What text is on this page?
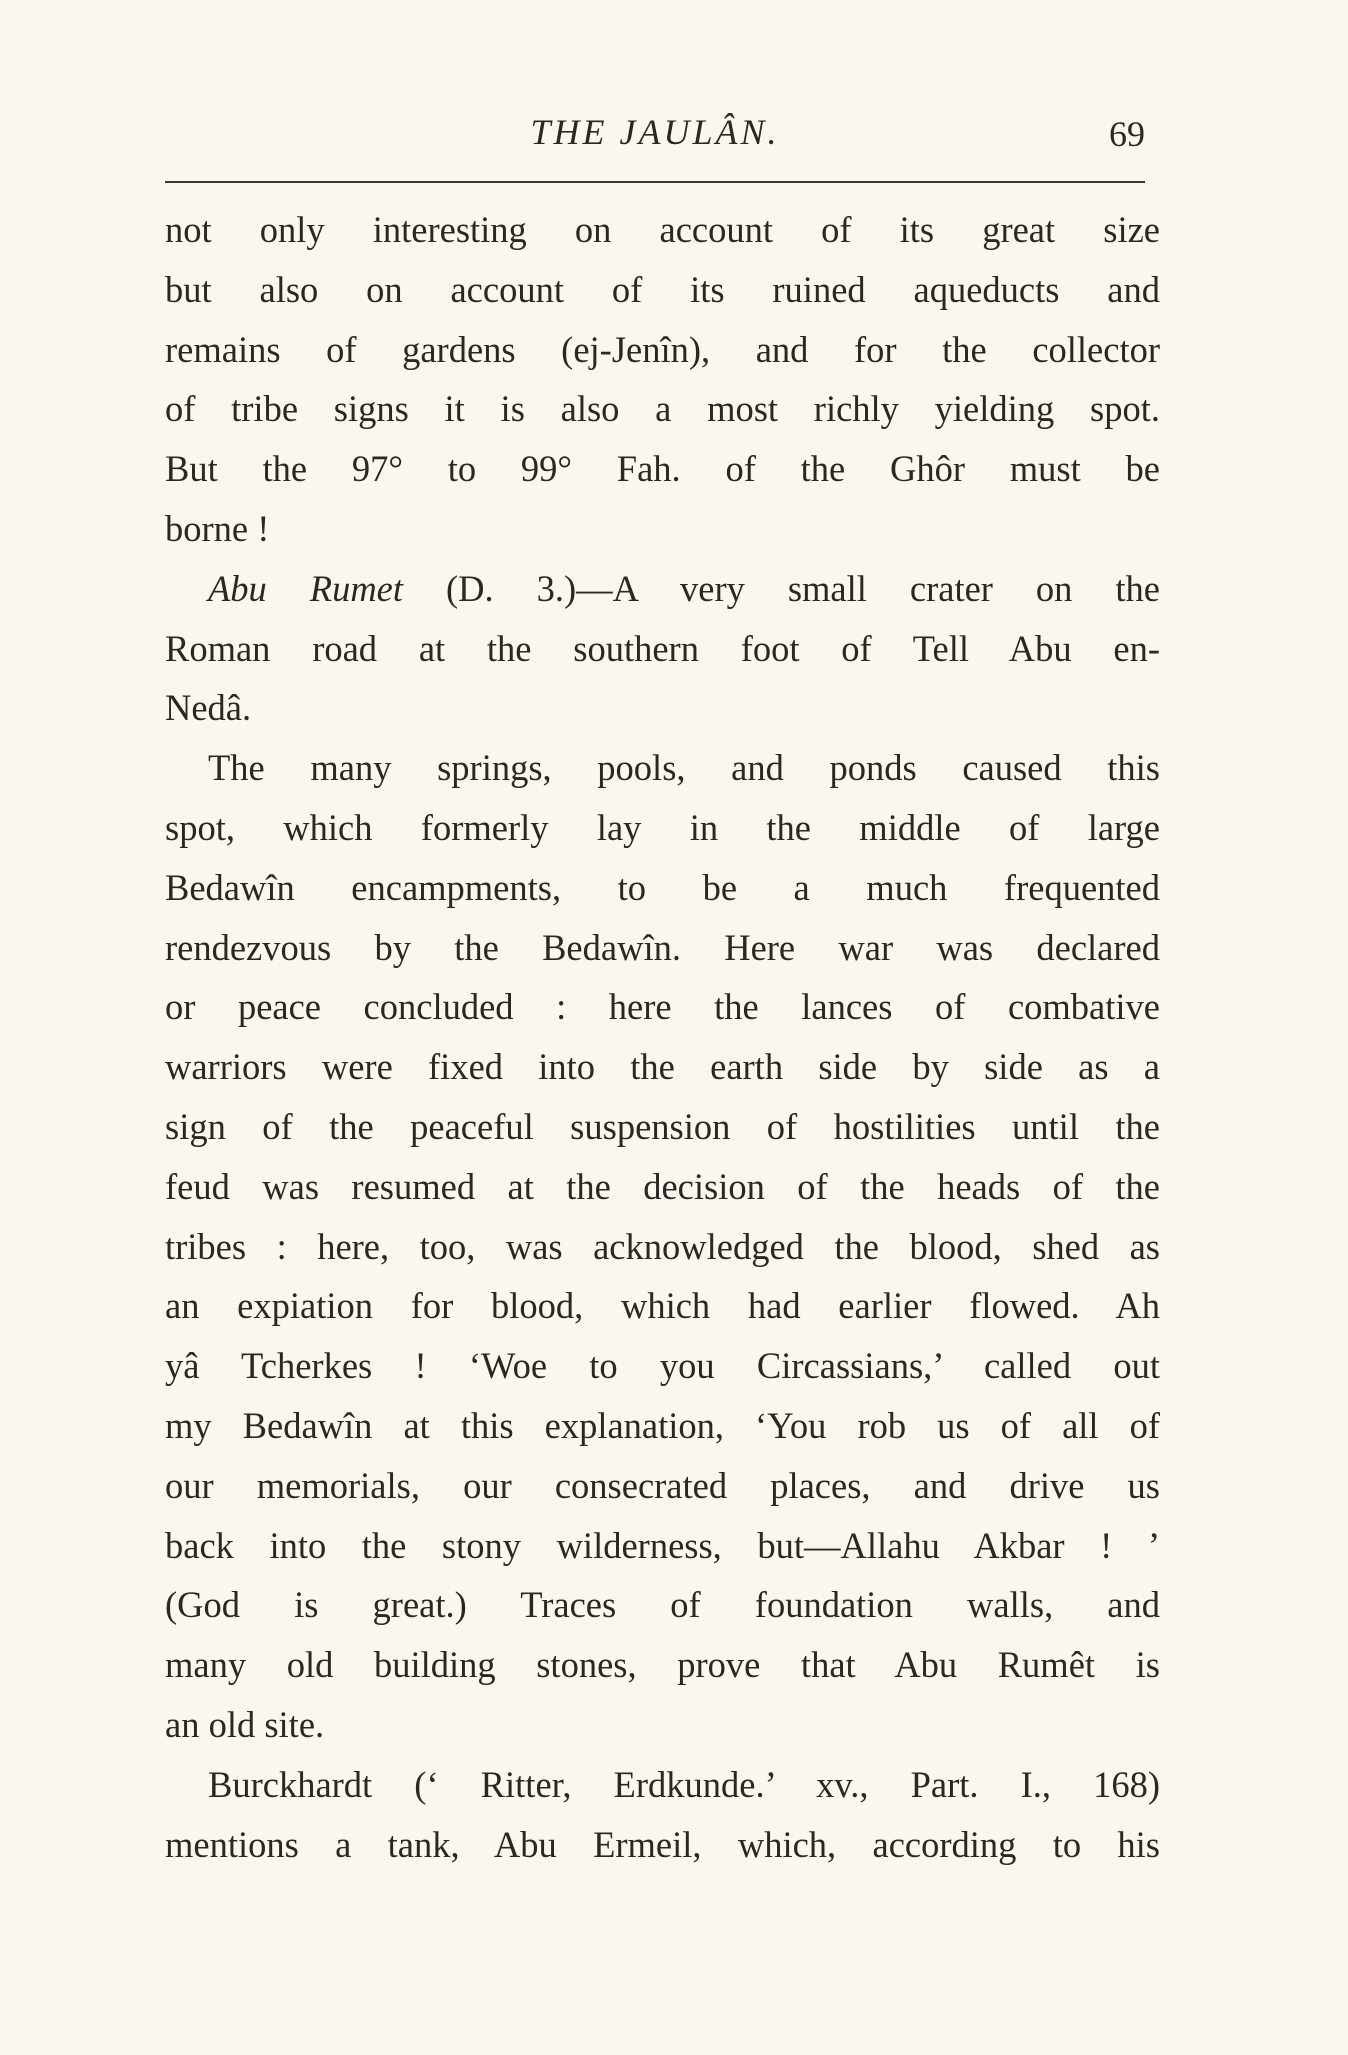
THE JAULÂN.	69
not only interesting on account of its great size
but also on account of its ruined aqueducts and
remains of gardens (ej-Jenîn), and for the collector
of tribe signs it is also a most richly yielding spot.
But the 97° to 99° Fah. of the Ghôr must be
borne !
Abu Rumet (D. 3.)—A very small crater on the
Roman road at the southern foot of Tell Abu en-
Nedâ.
The many springs, pools, and ponds caused this
spot, which formerly lay in the middle of large
Bedawîn encampments, to be a much frequented
rendezvous by the Bedawîn. Here war was declared
or peace concluded : here the lances of combative
warriors were fixed into the earth side by side as a
sign of the peaceful suspension of hostilities until the
feud was resumed at the decision of the heads of the
tribes : here, too, was acknowledged the blood, shed as
an expiation for blood, which had earlier flowed. Ah
yâ Tcherkes ! ‘Woe to you Circassians,’ called out
my Bedawîn at this explanation, ‘You rob us of all of
our memorials, our consecrated places, and drive us
back into the stony wilderness, but—Allahu Akbar ! ’
(God is great.) Traces of foundation walls, and
many old building stones, prove that Abu Rumêt is
an old site.
Burckhardt (‘ Ritter, Erdkunde.’ xv., Part. I., 168)
mentions a tank, Abu Ermeil, which, according to his
